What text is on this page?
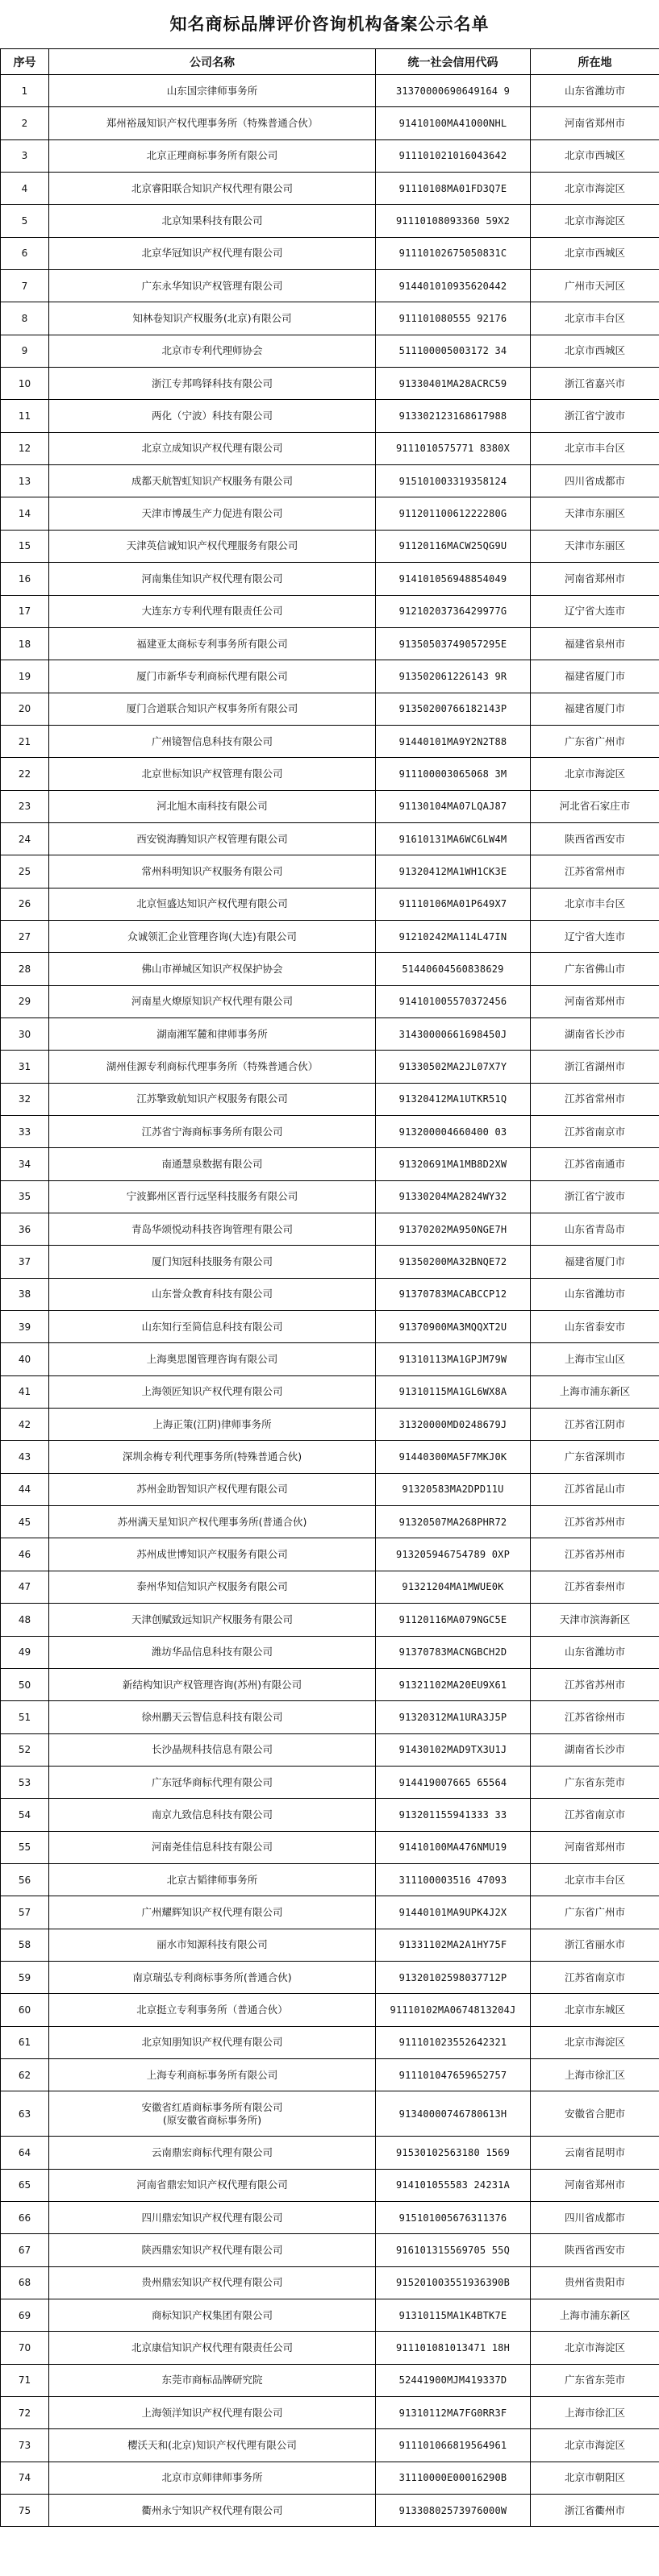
知名商标品牌评价咨询机构备案公示名单
序号	公司名称	统一社会信用代码	所在地
1	山东国宗律师事务所	31370000690649164 9	山东省潍坊市
2	郑州裕晟知识产权代理事务所（特殊普通合伙）	91410100MA41000NHL	河南省郑州市
3	北京正理商标事务所有限公司	911101021016043642	北京市西城区
4	北京睿阳联合知识产权代理有限公司	91110108MA01FD3Q7E	北京市海淀区
5	北京知果科技有限公司	91110108093360 59X2	北京市海淀区
6	北京华冠知识产权代理有限公司	91110102675050831C	北京市西城区
7	广东永华知识产权管理有限公司	914401010935620442	广州市天河区
8	知林卷知识产权服务(北京)有限公司	911101080555 92176	北京市丰台区
9	北京市专利代理师协会	511100005003172 34	北京市西城区
10	浙江专邦鸣铎科技有限公司	91330401MA28ACRC59	浙江省嘉兴市
11	两化（宁波）科技有限公司	913302123168617988	浙江省宁波市
12	北京立成知识产权代理有限公司	9111010575771 8380X	北京市丰台区
13	成都天航智虹知识产权服务有限公司	915101003319358124	四川省成都市
14	天津市博晟生产力促进有限公司	91120110061222280G	天津市东丽区
15	天津英信诚知识产权代理服务有限公司	91120116MACW25QG9U	天津市东丽区
16	河南集佳知识产权代理有限公司	914101056948854049	河南省郑州市
17	大连东方专利代理有限责任公司	91210203736429977G	辽宁省大连市
18	福建亚太商标专利事务所有限公司	91350503749057295E	福建省泉州市
19	厦门市新华专利商标代理有限公司	913502061226143 9R	福建省厦门市
20	厦门合道联合知识产权事务所有限公司	91350200766182143P	福建省厦门市
21	广州镜智信息科技有限公司	91440101MA9Y2N2T88	广东省广州市
22	北京世标知识产权管理有限公司	911100003065068 3M	北京市海淀区
23	河北旭木南科技有限公司	91130104MA07LQAJ87	河北省石家庄市
24	西安锐海腾知识产权管理有限公司	91610131MA6WC6LW4M	陕西省西安市
25	常州科明知识产权服务有限公司	91320412MA1WH1CK3E	江苏省常州市
26	北京恒盛达知识产权代理有限公司	91110106MA01P649X7	北京市丰台区
27	众诚领汇企业管理咨询(大连)有限公司	91210242MA114L47IN	辽宁省大连市
28	佛山市禅城区知识产权保护协会	51440604560838629	广东省佛山市
29	河南星火燎原知识产权代理有限公司	914101005570372456	河南省郑州市
30	湖南湘军麓和律师事务所	31430000661698450J	湖南省长沙市
31	湖州佳源专利商标代理事务所（特殊普通合伙）	91330502MA2JL07X7Y	浙江省湖州市
32	江苏擎致航知识产权服务有限公司	91320412MA1UTKR51Q	江苏省常州市
33	江苏省宁海商标事务所有限公司	913200004660400 03	江苏省南京市
34	南通慧泉数据有限公司	91320691MA1MB8D2XW	江苏省南通市
35	宁波鄞州区晋行远坚科技服务有限公司	91330204MA2824WY32	浙江省宁波市
36	青岛华颂悦动科技咨询管理有限公司	91370202MA950NGE7H	山东省青岛市
37	厦门知冠科技服务有限公司	91350200MA32BNQE72	福建省厦门市
38	山东誉众教育科技有限公司	91370783MACABCCP12	山东省潍坊市
39	山东知行至简信息科技有限公司	91370900MA3MQQXT2U	山东省泰安市
40	上海奥思图管理咨询有限公司	91310113MA1GPJM79W	上海市宝山区
41	上海领匠知识产权代理有限公司	91310115MA1GL6WX8A	上海市浦东新区
42	上海正策(江阴)律师事务所	31320000MD0248679J	江苏省江阴市
43	深圳余梅专利代理事务所(特殊普通合伙)	91440300MA5F7MKJ0K	广东省深圳市
44	苏州金助智知识产权代理有限公司	91320583MA2DPD11U	江苏省昆山市
45	苏州满天星知识产权代理事务所(普通合伙)	91320507MA268PHR72	江苏省苏州市
46	苏州成世博知识产权服务有限公司	913205946754789 0XP	江苏省苏州市
47	泰州华知信知识产权服务有限公司	91321204MA1MWUE0K	江苏省泰州市
48	天津创赋致远知识产权服务有限公司	91120116MA079NGC5E	天津市滨海新区
49	潍坊华品信息科技有限公司	91370783MACNGBCH2D	山东省潍坊市
50	新结构知识产权管理咨询(苏州)有限公司	91321102MA20EU9X61	江苏省苏州市
51	徐州鹏天云智信息科技有限公司	91320312MA1URA3J5P	江苏省徐州市
52	长沙晶规科技信息有限公司	91430102MAD9TX3U1J	湖南省长沙市
53	广东冠华商标代理有限公司	914419007665 65564	广东省东莞市
54	南京九致信息科技有限公司	913201155941333 33	江苏省南京市
55	河南尧佳信息科技有限公司	91410100MA476NMU19	河南省郑州市
56	北京古韬律师事务所	311100003516 47093	北京市丰台区
57	广州耀辉知识产权代理有限公司	91440101MA9UPK4J2X	广东省广州市
58	丽水市知源科技有限公司	91331102MA2A1HY75F	浙江省丽水市
59	南京瑞弘专利商标事务所(普通合伙)	91320102598037712P	江苏省南京市
60	北京挺立专利事务所（普通合伙）	91110102MA0674813204J	北京市东城区
61	北京知朋知识产权代理有限公司	911101023552642321	北京市海淀区
62	上海专利商标事务所有限公司	911101047659652757	上海市徐汇区
63	安徽省红盾商标事务所有限公司
(原安徽省商标事务所)	91340000746780613H	安徽省合肥市
64	云南鼎宏商标代理有限公司	91530102563180 1569	云南省昆明市
65	河南省鼎宏知识产权代理有限公司	914101055583 24231A	河南省郑州市
66	四川鼎宏知识产权代理有限公司	915101005676311376	四川省成都市
67	陕西鼎宏知识产权代理有限公司	916101315569705 55Q	陕西省西安市
68	贵州鼎宏知识产权代理有限公司	915201003551936390B	贵州省贵阳市
69	商标知识产权集团有限公司	91310115MA1K4BTK7E	上海市浦东新区
70	北京康信知识产权代理有限责任公司	911101081013471 18H	北京市海淀区
71	东莞市商标品牌研究院	52441900MJM419337D	广东省东莞市
72	上海领洋知识产权代理有限公司	91310112MA7FG0RR3F	上海市徐汇区
73	樱沃天和(北京)知识产权代理有限公司	911101066819564961	北京市海淀区
74	北京市京师律师事务所	31110000E00016290B	北京市朝阳区
75	衢州永宁知识产权代理有限公司	91330802573976000W	浙江省衢州市
